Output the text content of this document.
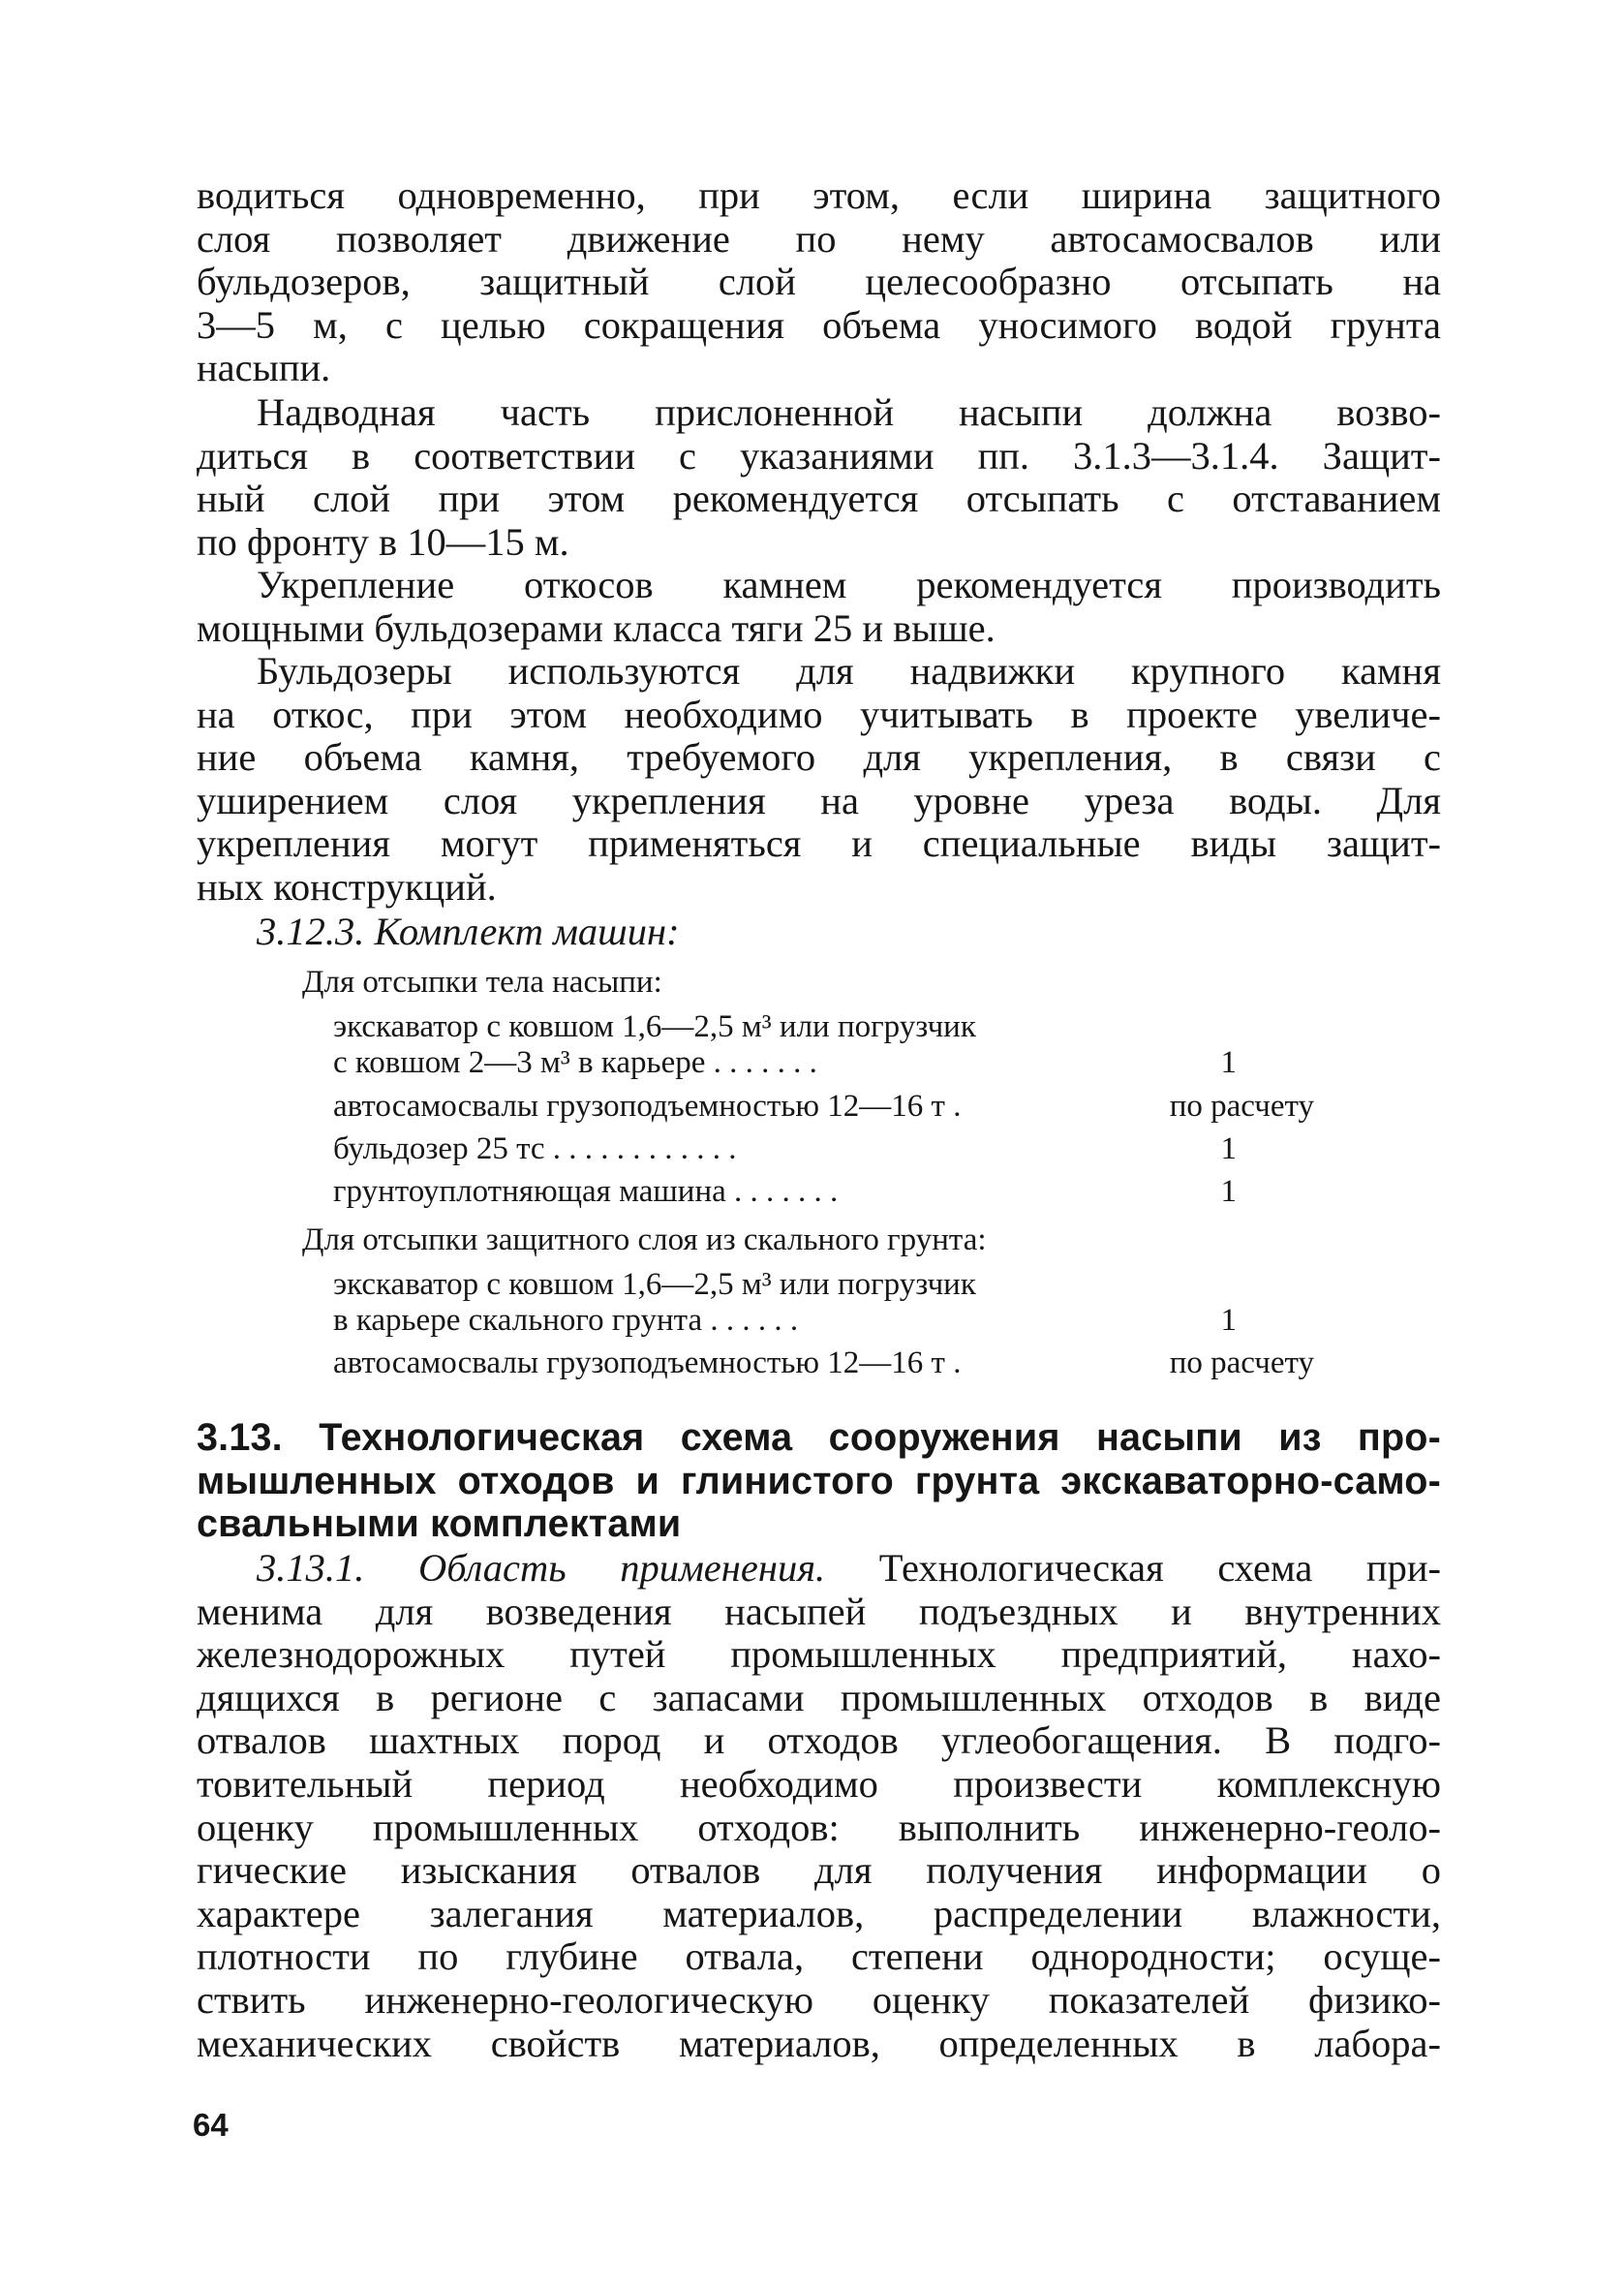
водиться одновременно, при этом, если ширина защитного
слоя позволяет движение по нему автосамосвалов или
бульдозеров, защитный слой целесообразно отсыпать на
3—5 м, с целью сокращения объема уносимого водой грунта
насыпи.
Надводная часть прислоненной насыпи должна возво-
диться в соответствии с указаниями пп. 3.1.3—3.1.4. Защит-
ный слой при этом рекомендуется отсыпать с отставанием
по фронту в 10—15 м.
Укрепление откосов камнем рекомендуется производить
мощными бульдозерами класса тяги 25 и выше.
Бульдозеры используются для надвижки крупного камня
на откос, при этом необходимо учитывать в проекте увеличе-
ние объема камня, требуемого для укрепления, в связи с
уширением слоя укрепления на уровне уреза воды. Для
укрепления могут применяться и специальные виды защит-
ных конструкций.
3.12.3. Комплект машин:
Для отсыпки тела насыпи:
экскаватор с ковшом 1,6—2,5 м³ или погрузчик
с ковшом 2—3 м³ в карьере . . . . . . .	1
автосамосвалы грузоподъемностью 12—16 т .	по расчету
бульдозер 25 тс . . . . . . . . . . . .	1
грунтоуплотняющая машина . . . . . . .	1
Для отсыпки защитного слоя из скального грунта:
экскаватор с ковшом 1,6—2,5 м³ или погрузчик
в карьере скального грунта . . . . . .	1
автосамосвалы грузоподъемностью 12—16 т .	по расчету
3.13. Технологическая схема сооружения насыпи из про-
мышленных отходов и глинистого грунта экскаваторно-само-
свальными комплектами
3.13.1. Область применения. Технологическая схема при-
менима для возведения насыпей подъездных и внутренних
железнодорожных путей промышленных предприятий, нахо-
дящихся в регионе с запасами промышленных отходов в виде
отвалов шахтных пород и отходов углеобогащения. В подго-
товительный период необходимо произвести комплексную
оценку промышленных отходов: выполнить инженерно-геоло-
гические изыскания отвалов для получения информации о
характере залегания материалов, распределении влажности,
плотности по глубине отвала, степени однородности; осуще-
ствить инженерно-геологическую оценку показателей физико-
механических свойств материалов, определенных в лабора-
64
